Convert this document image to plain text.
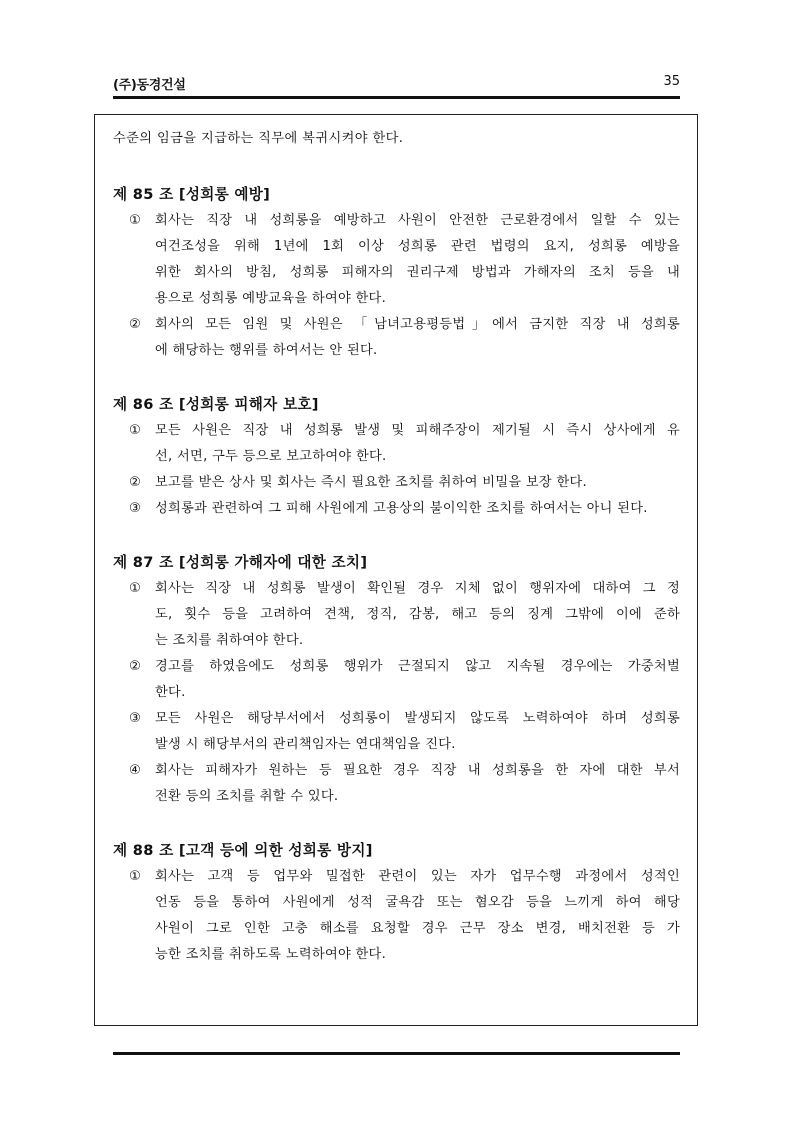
(주)동경건설	35
수준의 임금을 지급하는 직무에 복귀시켜야 한다.
제 85 조 [성희롱 예방]
①	회사는 직장 내 성희롱을 예방하고 사원이 안전한 근로환경에서 일할 수 있는
여건조성을 위해 1년에 1회 이상 성희롱 관련 법령의 요지, 성희롱 예방을
위한 회사의 방침, 성희롱 피해자의 권리구제 방법과 가해자의 조치 등을 내
용으로 성희롱 예방교육을 하여야 한다.
②	회사의 모든 임원 및 사원은 「남녀고용평등법」에서 금지한 직장 내 성희롱
에 해당하는 행위를 하여서는 안 된다.
제 86 조 [성희롱 피해자 보호]
①	모든 사원은 직장 내 성희롱 발생 및 피해주장이 제기될 시 즉시 상사에게 유
선, 서면, 구두 등으로 보고하여야 한다.
②	보고를 받은 상사 및 회사는 즉시 필요한 조치를 취하여 비밀을 보장 한다.
③	성희롱과 관련하여 그 피해 사원에게 고용상의 불이익한 조치를 하여서는 아니 된다.
제 87 조 [성희롱 가해자에 대한 조치]
①	회사는 직장 내 성희롱 발생이 확인될 경우 지체 없이 행위자에 대하여 그 정
도, 횟수 등을 고려하여 견책, 정직, 감봉, 해고 등의 징계 그밖에 이에 준하
는 조치를 취하여야 한다.
②	경고를 하였음에도 성희롱 행위가 근절되지 않고 지속될 경우에는 가중처벌
한다.
③	모든 사원은 해당부서에서 성희롱이 발생되지 않도록 노력하여야 하며 성희롱
발생 시 해당부서의 관리책임자는 연대책임을 진다.
④	회사는 피해자가 원하는 등 필요한 경우 직장 내 성희롱을 한 자에 대한 부서
전환 등의 조치를 취할 수 있다.
제 88 조 [고객 등에 의한 성희롱 방지]
①	회사는 고객 등 업무와 밀접한 관련이 있는 자가 업무수행 과정에서 성적인
언동 등을 통하여 사원에게 성적 굴욕감 또는 혐오감 등을 느끼게 하여 해당
사원이 그로 인한 고충 해소를 요청할 경우 근무 장소 변경, 배치전환 등 가
능한 조치를 취하도록 노력하여야 한다.
